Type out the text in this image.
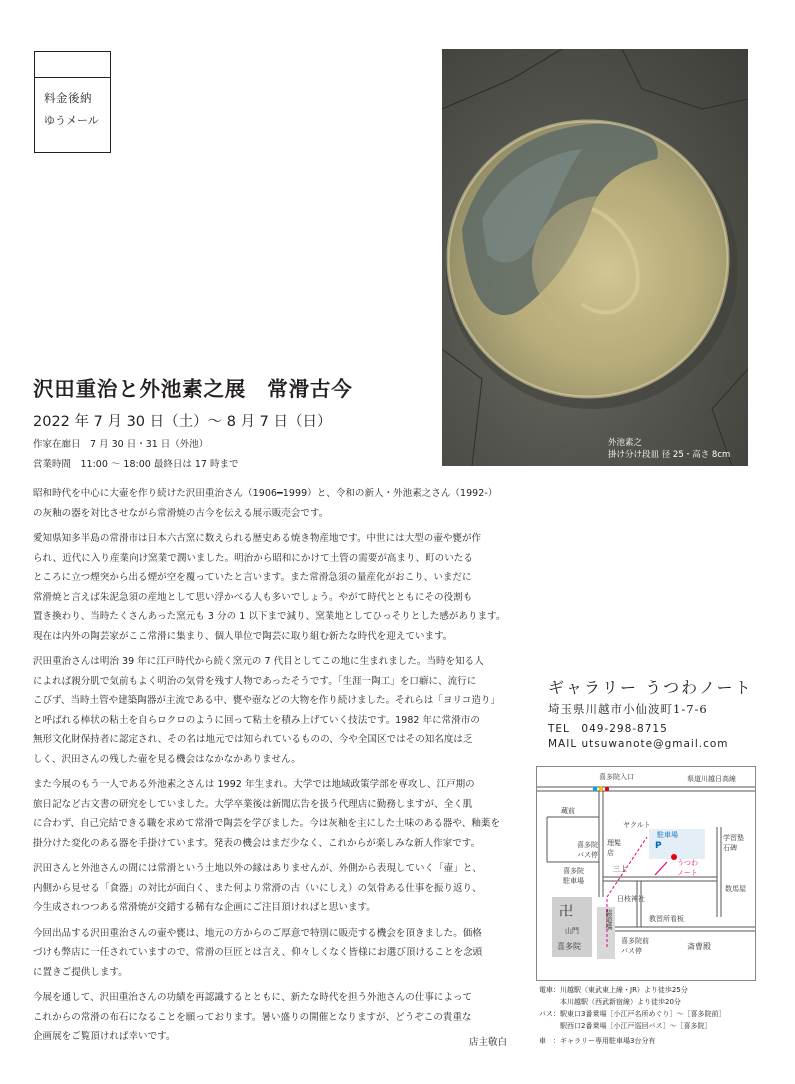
料金後納
ゆうメール
外池素之
掛け分け段皿 径 25・高さ 8cm
沢田重治と外池素之展　常滑古今
2022 年 7 月 30 日（土）～ 8 月 7 日（日）
作家在廊日　7 月 30 日・31 日（外池）
営業時間　11:00 ～ 18:00 最終日は 17 時まで

昭和時代を中心に大壷を作り続けた沢田重治さん（1906━1999）と、令和の新人・外池素之さん（1992-）
の灰釉の器を対比させながら常滑焼の古今を伝える展示販売会です。

愛知県知多半島の常滑市は日本六古窯に数えられる歴史ある焼き物産地です。中世には大型の壷や甕が作
られ、近代に入り産業向け窯業で潤いました。明治から昭和にかけて土管の需要が高まり、町のいたる
ところに立つ煙突から出る煙が空を覆っていたと言います。また常滑急須の量産化がおこり、いまだに
常滑焼と言えば朱泥急須の産地として思い浮かべる人も多いでしょう。やがて時代とともにその役割も
置き換わり、当時たくさんあった窯元も 3 分の 1 以下まで減り、窯業地としてひっそりとした感があります。
現在は内外の陶芸家がここ常滑に集まり、個人単位で陶芸に取り組む新たな時代を迎えています。

沢田重治さんは明治 39 年に江戸時代から続く窯元の 7 代目としてこの地に生まれました。当時を知る人
によれば親分肌で気前もよく明治の気骨を残す人物であったそうです。「生涯一陶工」を口癖に、流行に
こびず、当時土管や建築陶器が主流である中、甕や壺などの大物を作り続けました。それらは「ヨリコ造り」
と呼ばれる棒状の粘土を自らロクロのように回って粘土を積み上げていく技法です。1982 年に常滑市の
無形文化財保持者に認定され、その名は地元では知られているものの、今や全国区ではその知名度は乏
しく、沢田さんの残した壷を見る機会はなかなかありません。

また今展のもう一人である外池素之さんは 1992 年生まれ。大学では地域政策学部を専攻し、江戸期の
旅日記など古文書の研究をしていました。大学卒業後は新聞広告を扱う代理店に勤務しますが、全く肌
に合わず、自己完結できる職を求めて常滑で陶芸を学びました。今は灰釉を主にした土味のある器や、釉薬を
掛分けた変化のある器を手掛けています。発表の機会はまだ少なく、これからが楽しみな新人作家です。

沢田さんと外池さんの間には常滑という土地以外の縁はありませんが、外側から表現していく「壷」と、
内側から見せる「食器」の対比が面白く、また何より常滑の古（いにしえ）の気骨ある仕事を振り返り、
今生成されつつある常滑焼が交錯する稀有な企画にご注目頂ければと思います。

今回出品する沢田重治さんの壷や甕は、地元の方からのご厚意で特別に販売する機会を頂きました。価格
づけも弊店に一任されていますので、常滑の巨匠とは言え、仰々しくなく皆様にお選び頂けることを念頭
に置きご提供します。

今展を通して、沢田重治さんの功績を再認識するとともに、新たな時代を担う外池さんの仕事によって
これからの常滑の布石になることを願っております。暑い盛りの開催となりますが、どうぞこの貴重な
企画展をご覧頂ければ幸いです。

店主敬白
ギャラリー うつわノート
埼玉県川越市小仙波町1-7-6
TEL　049-298-8715
MAIL utsuwanote@gmail.com
喜多院入口	県道川越日高線
蔵前
ヤクルト
駐車場
P
学習塾
石碑
喜多院
バス停
喜多院
駐車場
三上
うつわ
ノート
理髪
店
日枝神社
教習所看板
数馬屋
卍
山門
喜多院
喜多院前
バス停	斎曹殿
脇道橋
電車：川越駅（東武東上線・JR）より徒歩25分
　　　本川越駅（西武新宿線）より徒歩20分
バス：駅東口3番乗場［小江戸名所めぐり］〜［喜多院前］
　　　駅西口2番乗場［小江戸巡回バス］〜［喜多院］
車　：ギャラリー専用駐車場3台分有
